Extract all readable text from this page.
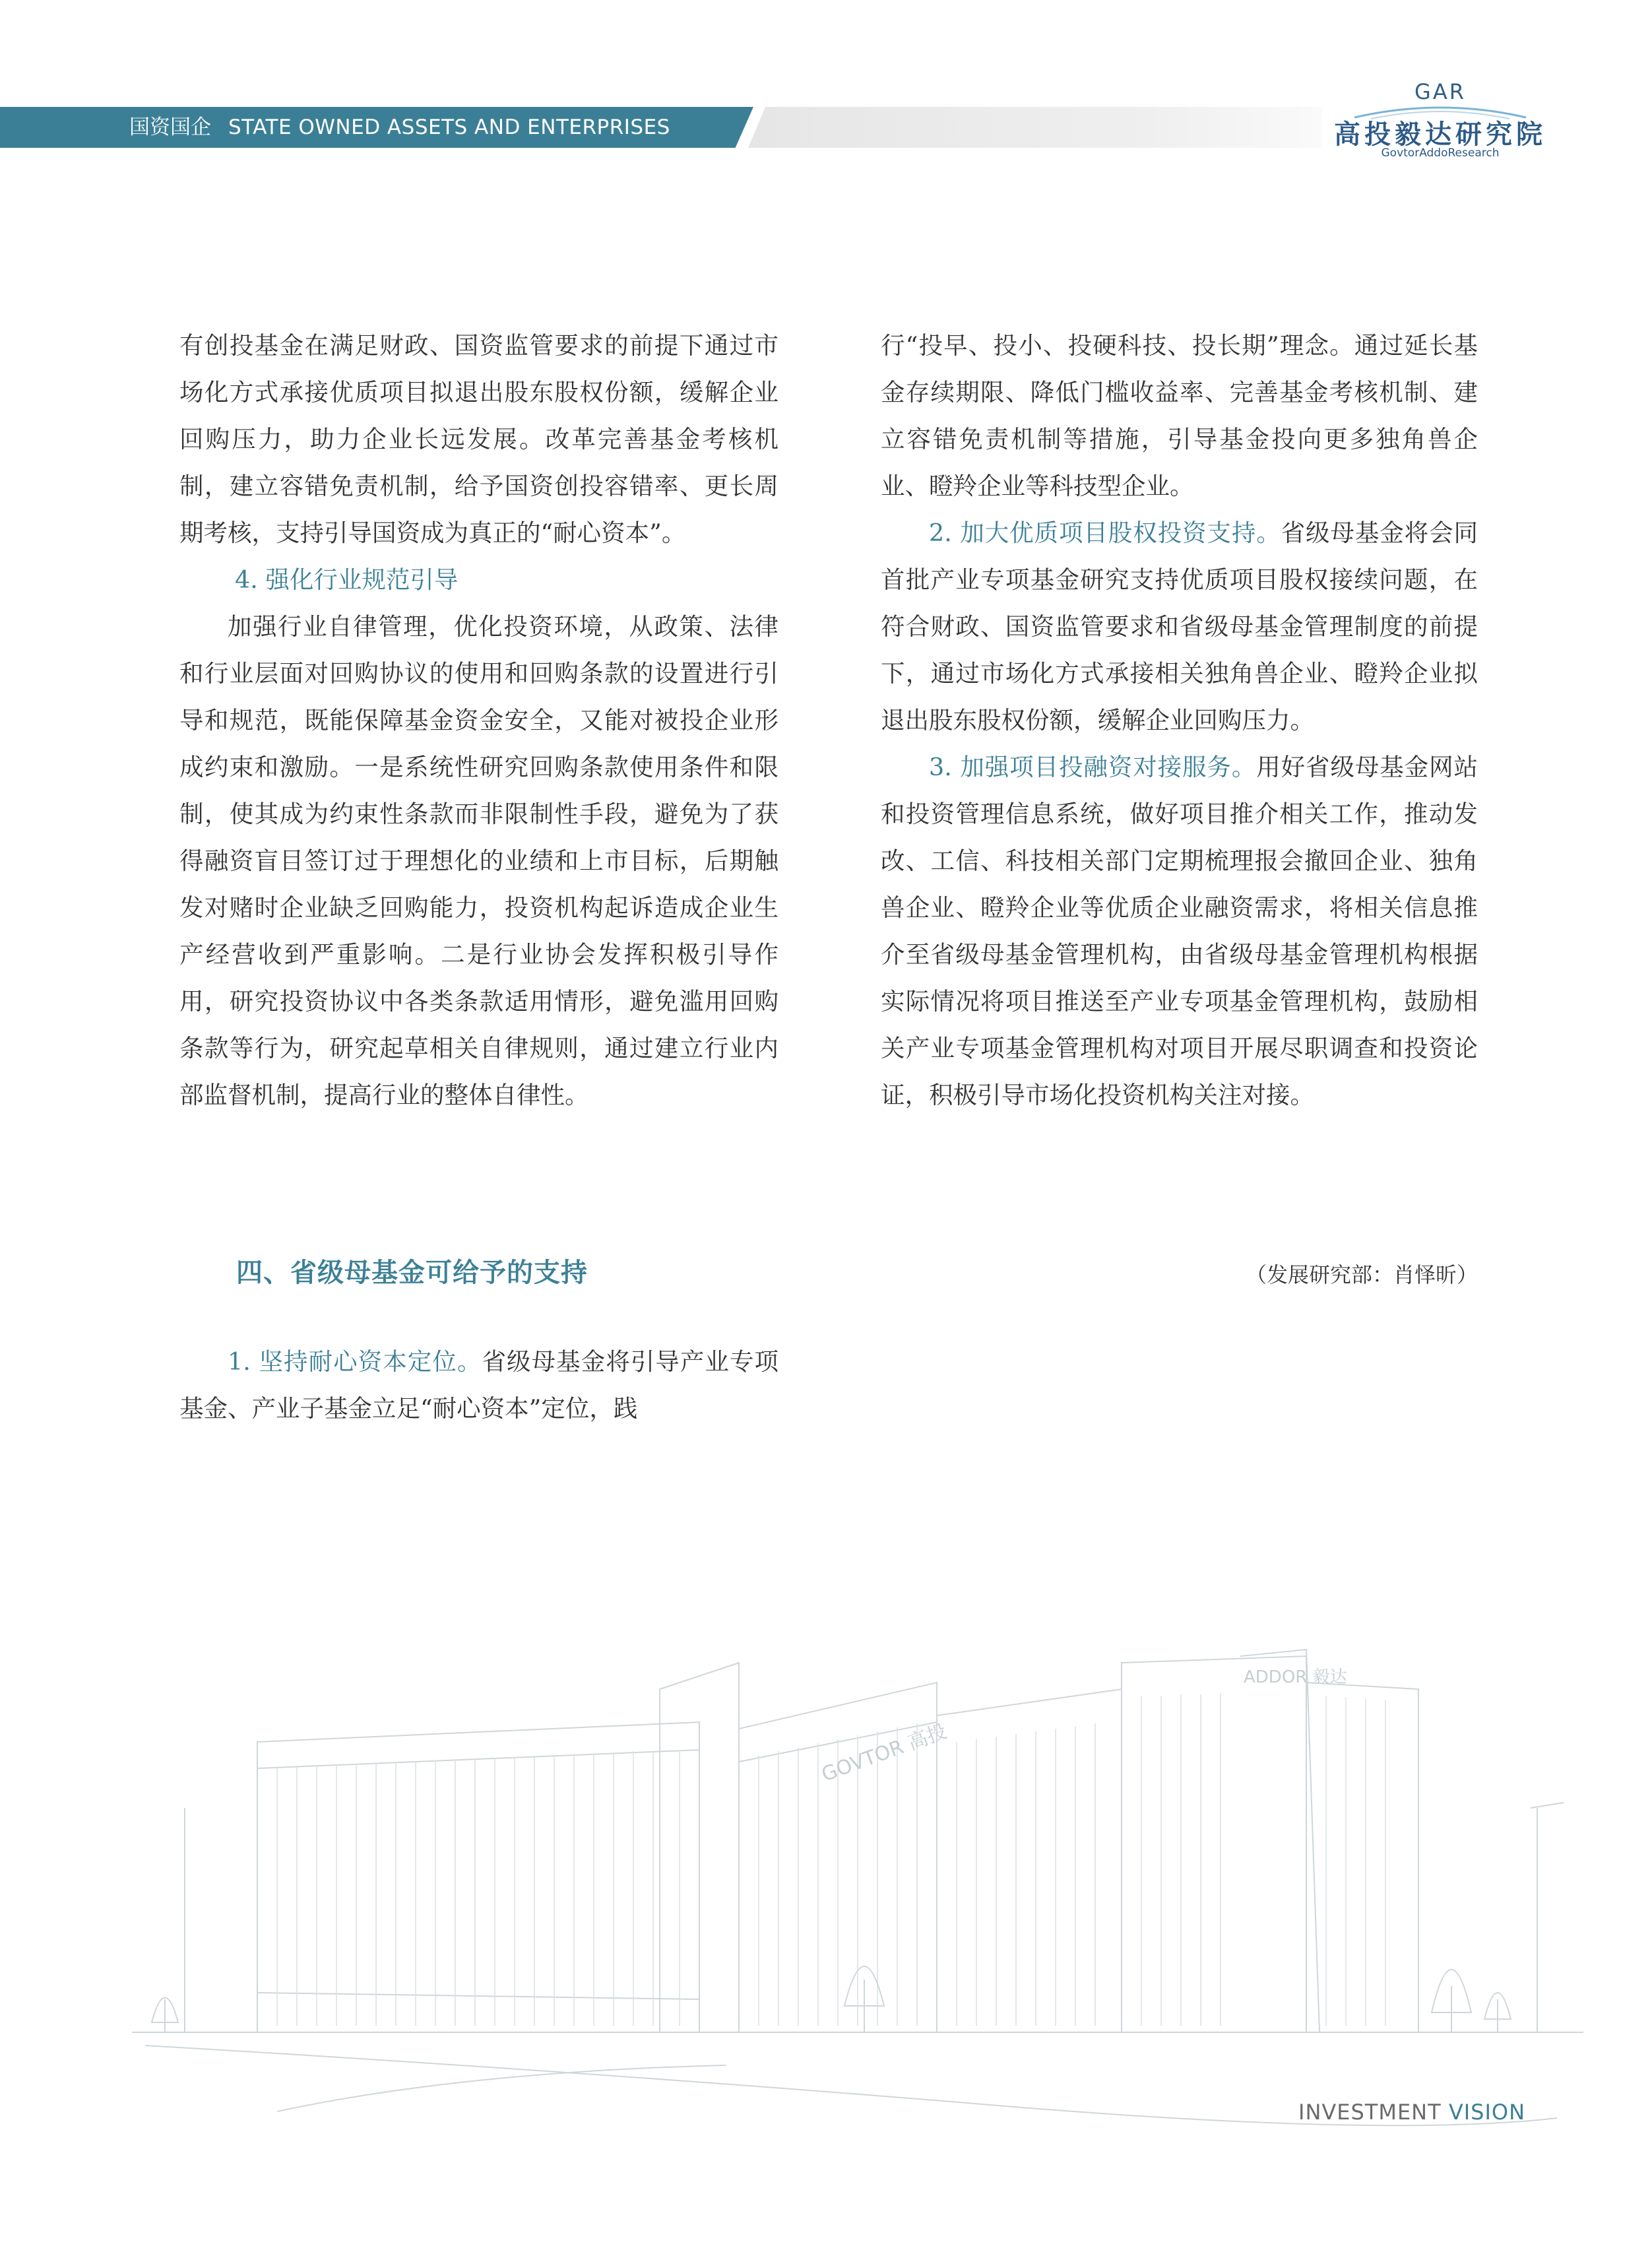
国资国企 STATE OWNED ASSETS AND ENTERPRISES
GAR
高投毅达研究院
GovtorAddoResearch

有创投基金在满足财政、国资监管要求的前提下通过市场化方式承接优质项目拟退出股东股权份额，缓解企业回购压力，助力企业长远发展。改革完善基金考核机制，建立容错免责机制，给予国资创投容错率、更长周期考核，支持引导国资成为真正的“耐心资本”。

4. 强化行业规范引导

加强行业自律管理，优化投资环境，从政策、法律和行业层面对回购协议的使用和回购条款的设置进行引导和规范，既能保障基金资金安全，又能对被投企业形成约束和激励。一是系统性研究回购条款使用条件和限制，使其成为约束性条款而非限制性手段，避免为了获得融资盲目签订过于理想化的业绩和上市目标，后期触发对赌时企业缺乏回购能力，投资机构起诉造成企业生产经营收到严重影响。二是行业协会发挥积极引导作用，研究投资协议中各类条款适用情形，避免滥用回购条款等行为，研究起草相关自律规则，通过建立行业内部监督机制，提高行业的整体自律性。

四、省级母基金可给予的支持

1. 坚持耐心资本定位。省级母基金将引导产业专项基金、产业子基金立足“耐心资本”定位，践

行“投早、投小、投硬科技、投长期”理念。通过延长基金存续期限、降低门槛收益率、完善基金考核机制、建立容错免责机制等措施，引导基金投向更多独角兽企业、瞪羚企业等科技型企业。

2. 加大优质项目股权投资支持。省级母基金将会同首批产业专项基金研究支持优质项目股权接续问题，在符合财政、国资监管要求和省级母基金管理制度的前提下，通过市场化方式承接相关独角兽企业、瞪羚企业拟退出股东股权份额，缓解企业回购压力。

3. 加强项目投融资对接服务。用好省级母基金网站和投资管理信息系统，做好项目推介相关工作，推动发改、工信、科技相关部门定期梳理报会撤回企业、独角兽企业、瞪羚企业等优质企业融资需求，将相关信息推介至省级母基金管理机构，由省级母基金管理机构根据实际情况将项目推送至产业专项基金管理机构，鼓励相关产业专项基金管理机构对项目开展尽职调查和投资论证，积极引导市场化投资机构关注对接。

（发展研究部：肖怿昕）
GOVTOR 高投
ADDOR 毅达
INVESTMENT VISION
